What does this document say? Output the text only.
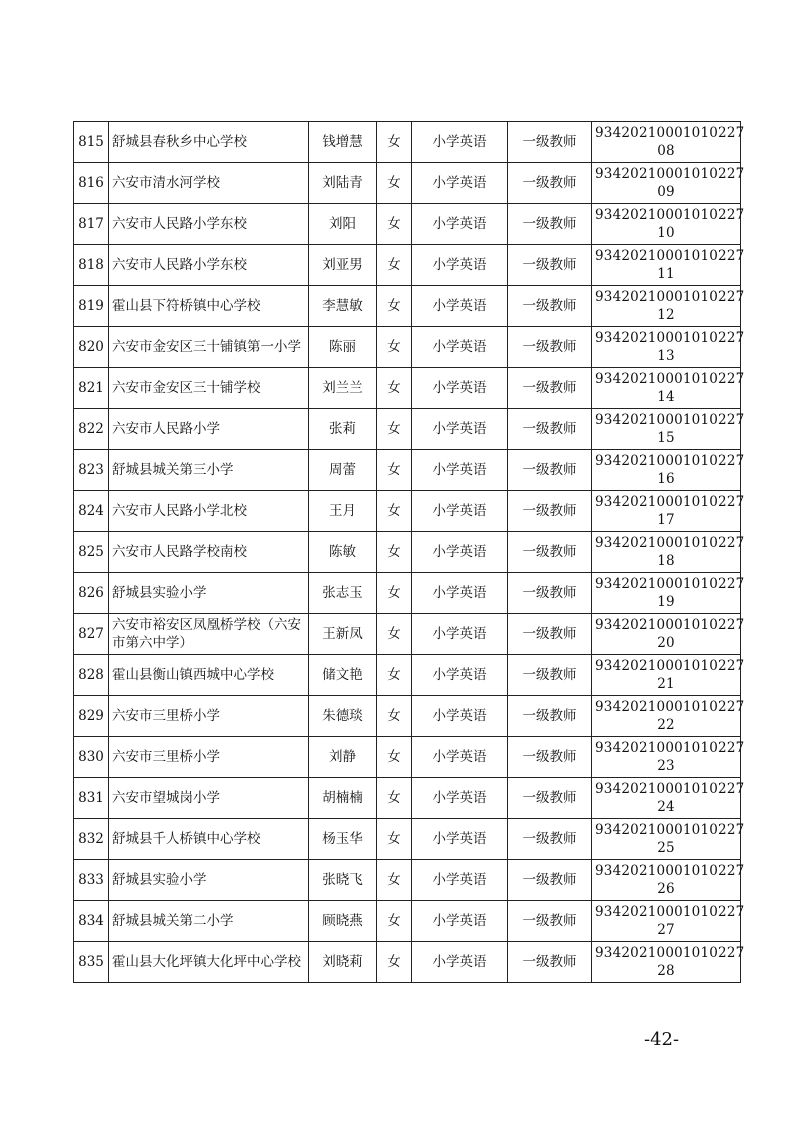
815	舒城县春秋乡中心学校	钱增慧	女	小学英语	一级教师	93420210001010227
08

816	六安市清水河学校	刘陆青	女	小学英语	一级教师	93420210001010227
09

817	六安市人民路小学东校	刘阳	女	小学英语	一级教师	93420210001010227
10

818	六安市人民路小学东校	刘亚男	女	小学英语	一级教师	93420210001010227
11

819	霍山县下符桥镇中心学校	李慧敏	女	小学英语	一级教师	93420210001010227
12

820	六安市金安区三十铺镇第一小学	陈丽	女	小学英语	一级教师	93420210001010227
13

821	六安市金安区三十铺学校	刘兰兰	女	小学英语	一级教师	93420210001010227
14

822	六安市人民路小学	张莉	女	小学英语	一级教师	93420210001010227
15

823	舒城县城关第三小学	周蕾	女	小学英语	一级教师	93420210001010227
16

824	六安市人民路小学北校	王月	女	小学英语	一级教师	93420210001010227
17

825	六安市人民路学校南校	陈敏	女	小学英语	一级教师	93420210001010227
18

826	舒城县实验小学	张志玉	女	小学英语	一级教师	93420210001010227
19

827	六安市裕安区凤凰桥学校（六安市第六中学）	王新凤	女	小学英语	一级教师	93420210001010227
20

828	霍山县衡山镇西城中心学校	储文艳	女	小学英语	一级教师	93420210001010227
21

829	六安市三里桥小学	朱德琰	女	小学英语	一级教师	93420210001010227
22

830	六安市三里桥小学	刘静	女	小学英语	一级教师	93420210001010227
23

831	六安市望城岗小学	胡楠楠	女	小学英语	一级教师	93420210001010227
24

832	舒城县千人桥镇中心学校	杨玉华	女	小学英语	一级教师	93420210001010227
25

833	舒城县实验小学	张晓飞	女	小学英语	一级教师	93420210001010227
26

834	舒城县城关第二小学	顾晓燕	女	小学英语	一级教师	93420210001010227
27

835	霍山县大化坪镇大化坪中心学校	刘晓莉	女	小学英语	一级教师	93420210001010227
28
-42-
